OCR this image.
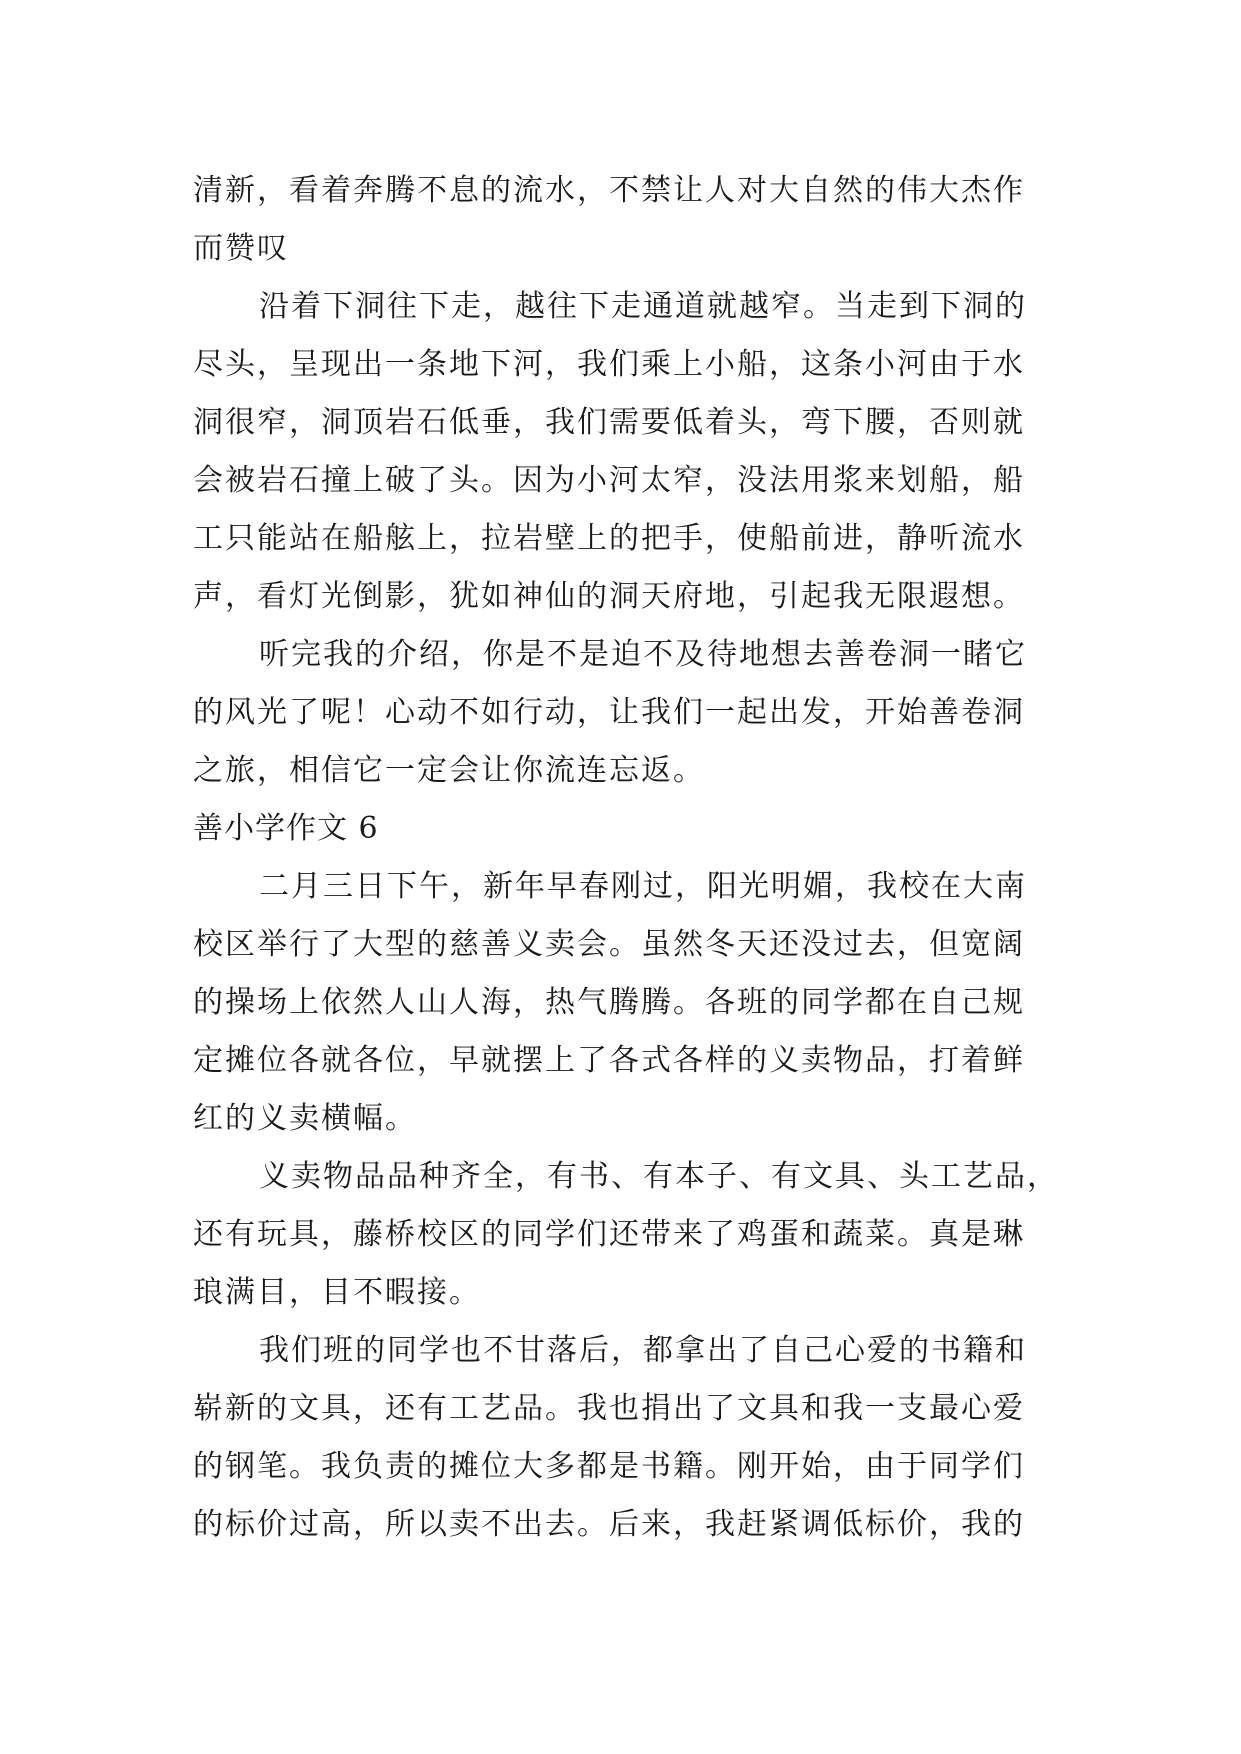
清新，看着奔腾不息的流水，不禁让人对大自然的伟大杰作
而赞叹
沿着下洞往下走，越往下走通道就越窄。当走到下洞的
尽头，呈现出一条地下河，我们乘上小船，这条小河由于水
洞很窄，洞顶岩石低垂，我们需要低着头，弯下腰，否则就
会被岩石撞上破了头。因为小河太窄，没法用浆来划船，船
工只能站在船舷上，拉岩壁上的把手，使船前进，静听流水
声，看灯光倒影，犹如神仙的洞天府地，引起我无限遐想。
听完我的介绍，你是不是迫不及待地想去善卷洞一睹它
的风光了呢！心动不如行动，让我们一起出发，开始善卷洞
之旅，相信它一定会让你流连忘返。
善小学作文 6
二月三日下午，新年早春刚过，阳光明媚，我校在大南
校区举行了大型的慈善义卖会。虽然冬天还没过去，但宽阔
的操场上依然人山人海，热气腾腾。各班的同学都在自己规
定摊位各就各位，早就摆上了各式各样的义卖物品，打着鲜
红的义卖横幅。
义卖物品品种齐全，有书、有本子、有文具、头工艺品，
还有玩具，藤桥校区的同学们还带来了鸡蛋和蔬菜。真是琳
琅满目，目不暇接。
我们班的同学也不甘落后，都拿出了自己心爱的书籍和
崭新的文具，还有工艺品。我也捐出了文具和我一支最心爱
的钢笔。我负责的摊位大多都是书籍。刚开始，由于同学们
的标价过高，所以卖不出去。后来，我赶紧调低标价，我的
